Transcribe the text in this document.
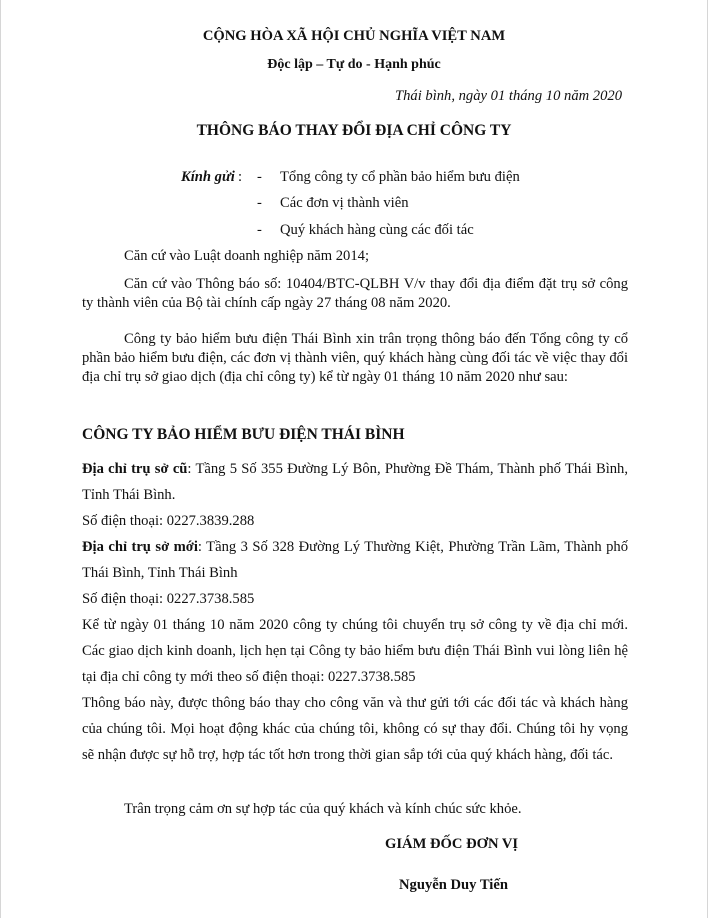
CỘNG HÒA XÃ HỘI CHỦ NGHĨA VIỆT NAM
Độc lập – Tự do - Hạnh phúc
Thái bình, ngày 01 tháng 10 năm 2020
THÔNG BÁO THAY ĐỔI ĐỊA CHỈ CÔNG TY
Kính gửi : - Tổng công ty cổ phần bảo hiểm bưu điện
- Các đơn vị thành viên
- Quý khách hàng cùng các đối tác
Căn cứ vào Luật doanh nghiệp năm 2014;
Căn cứ vào Thông báo số: 10404/BTC-QLBH V/v thay đổi địa điểm đặt trụ sở công ty thành viên của Bộ tài chính cấp ngày 27 tháng 08 năm 2020.
Công ty bảo hiểm bưu điện Thái Bình xin trân trọng thông báo đến Tổng công ty cổ phần bảo hiểm bưu điện, các đơn vị thành viên, quý khách hàng cùng đối tác về việc thay đổi địa chỉ trụ sở giao dịch (địa chỉ công ty) kể từ ngày 01 tháng 10 năm 2020 như sau:
CÔNG TY BẢO HIỂM BƯU ĐIỆN THÁI BÌNH
Địa chỉ trụ sở cũ: Tầng 5 Số 355 Đường Lý Bôn, Phường Đề Thám, Thành phố Thái Bình, Tỉnh Thái Bình.
Số điện thoại: 0227.3839.288
Địa chỉ trụ sở mới: Tầng 3 Số 328 Đường Lý Thường Kiệt, Phường Trần Lãm, Thành phố Thái Bình, Tỉnh Thái Bình
Số điện thoại: 0227.3738.585
Kể từ ngày 01 tháng 10 năm 2020 công ty chúng tôi chuyển trụ sở công ty về địa chỉ mới. Các giao dịch kinh doanh, lịch hẹn tại Công ty bảo hiểm bưu điện Thái Bình vui lòng liên hệ tại địa chỉ công ty mới theo số điện thoại: 0227.3738.585
Thông báo này, được thông báo thay cho công văn và thư gửi tới các đối tác và khách hàng của chúng tôi. Mọi hoạt động khác của chúng tôi, không có sự thay đổi. Chúng tôi hy vọng sẽ nhận được sự hỗ trợ, hợp tác tốt hơn trong thời gian sắp tới của quý khách hàng, đối tác.
Trân trọng cảm ơn sự hợp tác của quý khách và kính chúc sức khỏe.
GIÁM ĐỐC ĐƠN VỊ
Nguyễn Duy Tiến
